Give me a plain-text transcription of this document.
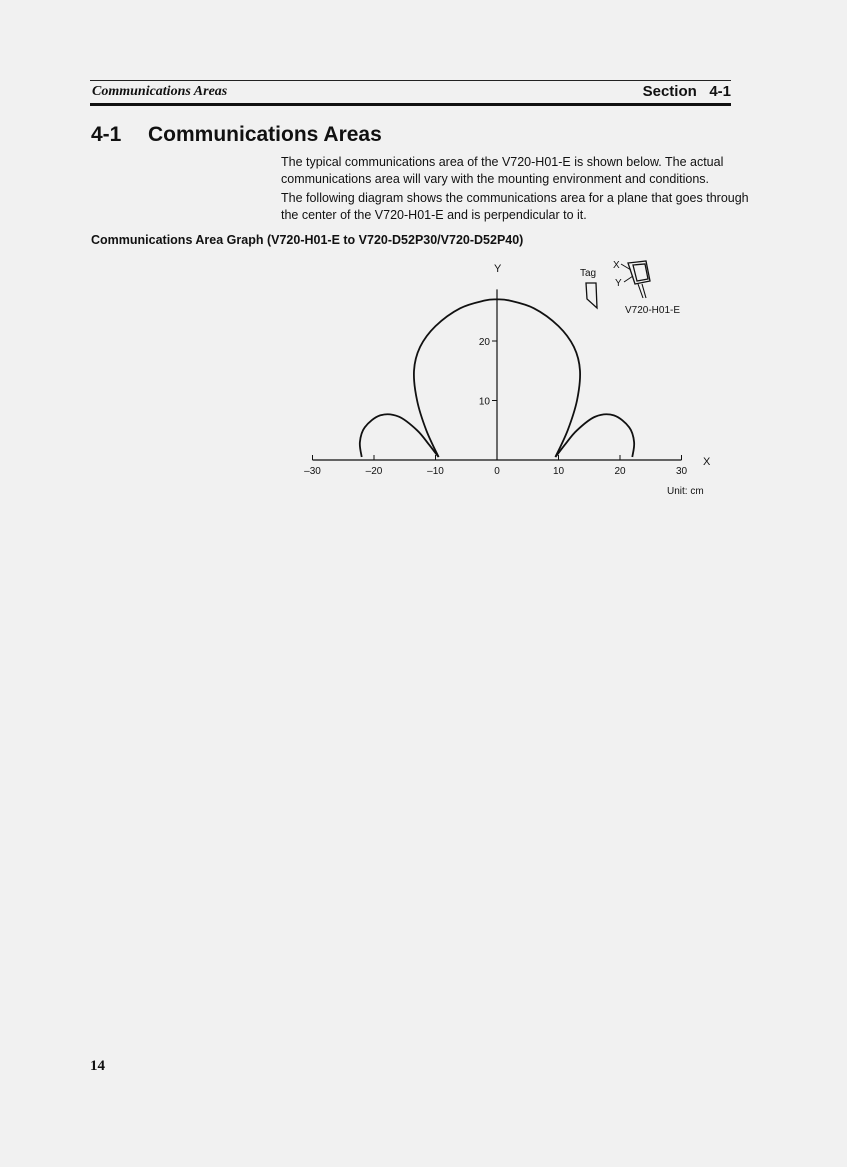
Communications Areas	Section 4-1
4-1 Communications Areas

The typical communications area of the V720-H01-E is shown below. The actual communications area will vary with the mounting environment and conditions.

The following diagram shows the communications area for a plane that goes through the center of the V720-H01-E and is perpendicular to it.

Communications Area Graph (V720-H01-E to V720-D52P30/V720-D52P40)
–30	–20	–10	0	10	20	30
10
20
Tag
X
Y
V720-H01-E
X
Y
Unit: cm
14
